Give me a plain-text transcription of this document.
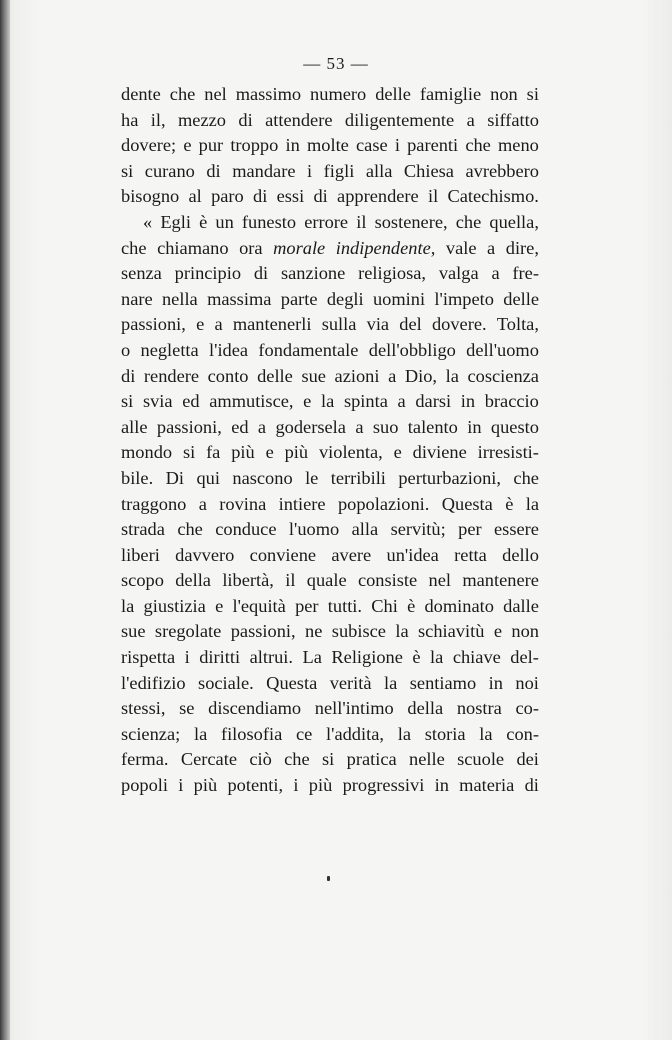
— 53 —
dente che nel massimo numero delle famiglie non si
ha il, mezzo di attendere diligentemente a siffatto
dovere; e pur troppo in molte case i parenti che meno
si curano di mandare i figli alla Chiesa avrebbero
bisogno al paro di essi di apprendere il Catechismo.
« Egli è un funesto errore il sostenere, che quella,
che chiamano ora morale indipendente, vale a dire,
senza principio di sanzione religiosa, valga a fre-
nare nella massima parte degli uomini l'impeto delle
passioni, e a mantenerli sulla via del dovere. Tolta,
o negletta l'idea fondamentale dell'obbligo dell'uomo
di rendere conto delle sue azioni a Dio, la coscienza
si svia ed ammutisce, e la spinta a darsi in braccio
alle passioni, ed a godersela a suo talento in questo
mondo si fa più e più violenta, e diviene irresisti-
bile. Di qui nascono le terribili perturbazioni, che
traggono a rovina intiere popolazioni. Questa è la
strada che conduce l'uomo alla servitù; per essere
liberi davvero conviene avere un'idea retta dello
scopo della libertà, il quale consiste nel mantenere
la giustizia e l'equità per tutti. Chi è dominato dalle
sue sregolate passioni, ne subisce la schiavitù e non
rispetta i diritti altrui. La Religione è la chiave del-
l'edifizio sociale. Questa verità la sentiamo in noi
stessi, se discendiamo nell'intimo della nostra co-
scienza; la filosofia ce l'addita, la storia la con-
ferma. Cercate ciò che si pratica nelle scuole dei
popoli i più potenti, i più progressivi in materia di
